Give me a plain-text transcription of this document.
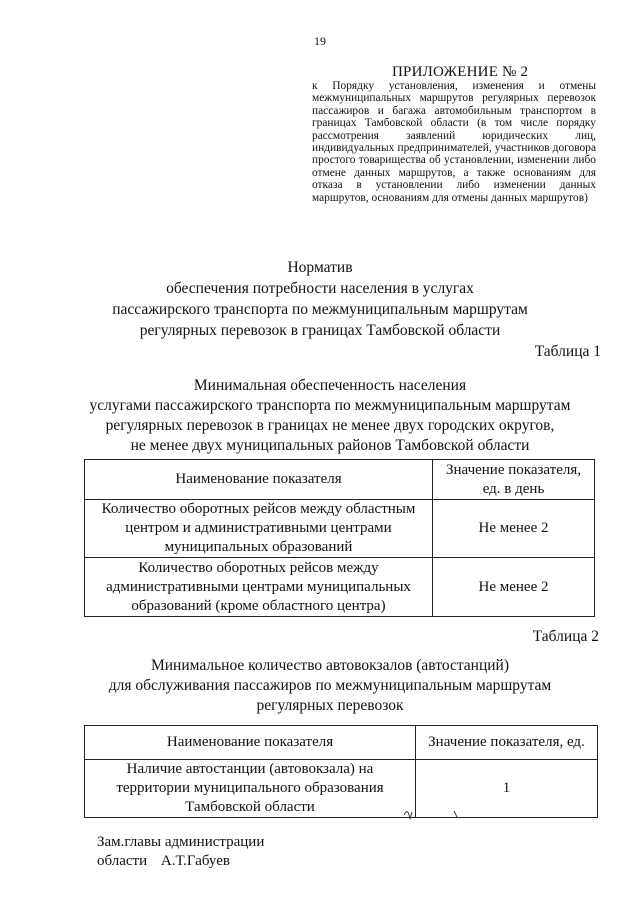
19
ПРИЛОЖЕНИЕ № 2
к Порядку установления, изменения и отмены межмуниципальных маршрутов регулярных перевозок пассажиров и багажа автомобильным транспортом в границах Тамбовской области (в том числе порядку рассмотрения заявлений юридических лиц, индивидуальных предпринимателей, участников договора простого товарищества об установлении, изменении либо отмене данных маршрутов, а также основаниям для отказа в установлении либо изменении данных маршрутов, основаниям для отмены данных маршрутов)
Норматив
обеспечения потребности населения в услугах
пассажирского транспорта по межмуниципальным маршрутам
регулярных перевозок в границах Тамбовской области
Таблица 1
Минимальная обеспеченность населения
услугами пассажирского транспорта по межмуниципальным маршрутам
регулярных перевозок в границах не менее двух городских округов,
не менее двух муниципальных районов Тамбовской области
Наименование показателя	Значение показателя, ед. в день
Количество оборотных рейсов между областным центром и административными центрами муниципальных образований	Не менее 2
Количество оборотных рейсов между административными центрами муниципальных образований (кроме областного центра)	Не менее 2
Таблица 2
Минимальное количество автовокзалов (автостанций)
для обслуживания пассажиров по межмуниципальным маршрутам
регулярных перевозок
Наименование показателя	Значение показателя, ед.
Наличие автостанции (автовокзала) на территории муниципального образования Тамбовской области	1
Зам.главы администрации
области А.Т.Габуев
